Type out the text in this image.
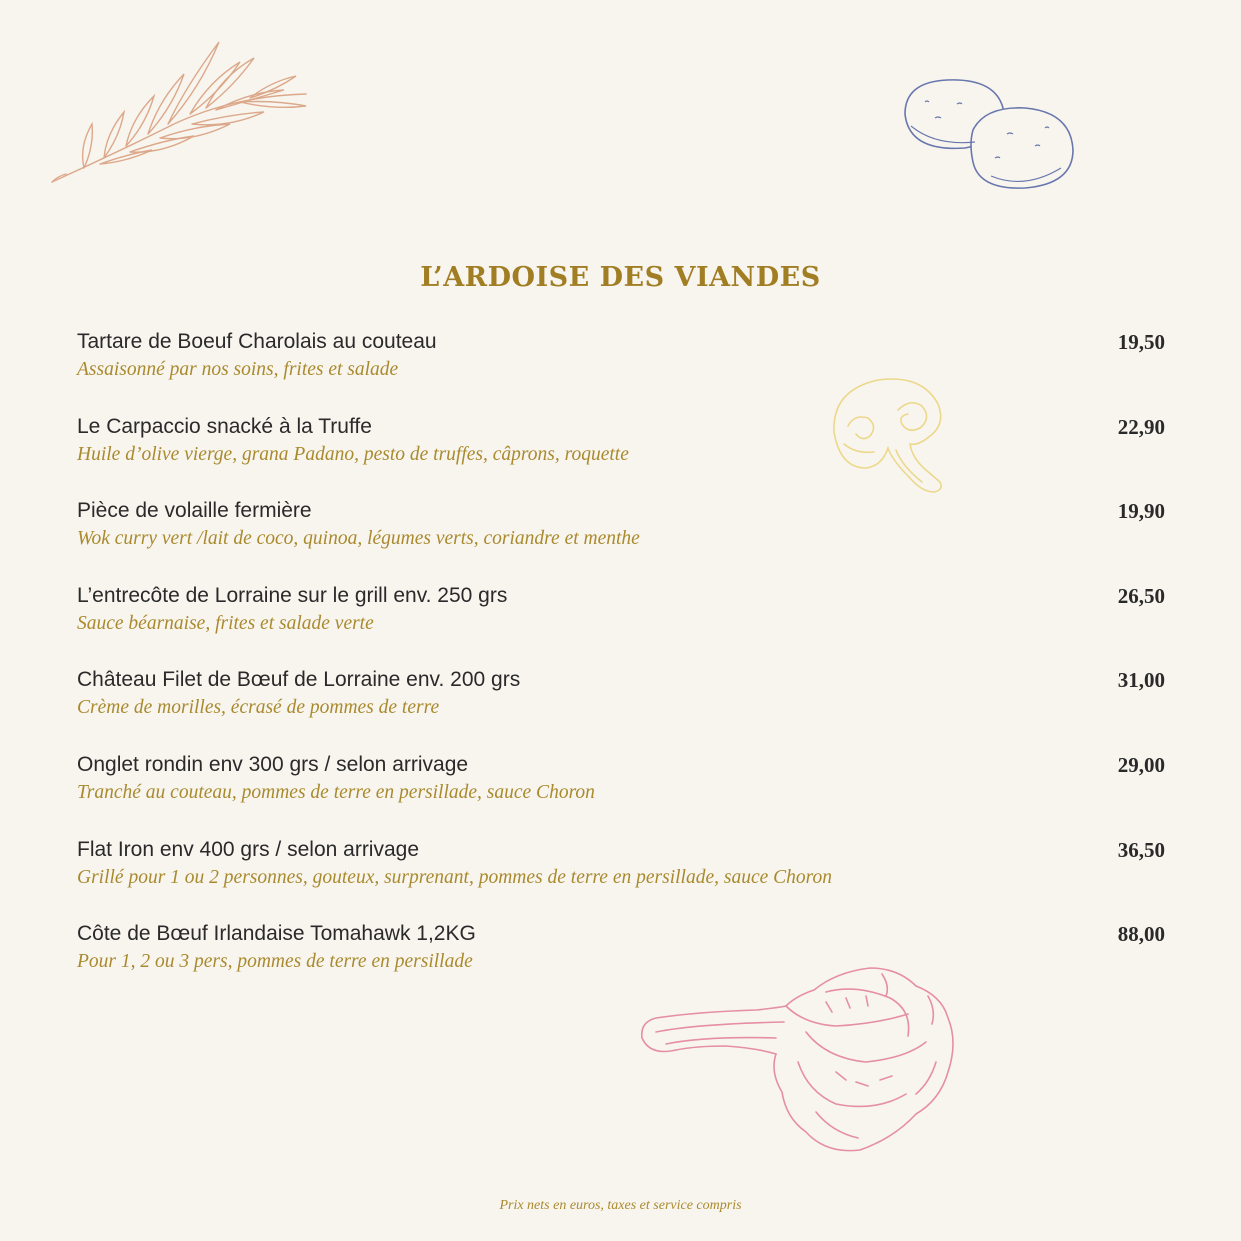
L’ARDOISE DES VIANDES
Tartare de Boeuf Charolais au couteau
Assaisonné par nos soins, frites et salade
19,50
Le Carpaccio snacké à la Truffe
Huile d’olive vierge, grana Padano, pesto de truffes, câprons, roquette
22,90
Pièce de volaille fermière
Wok curry vert /lait de coco, quinoa, légumes verts, coriandre et menthe
19,90
L’entrecôte de Lorraine sur le grill env. 250 grs
Sauce béarnaise, frites et salade verte
26,50
Château Filet de Bœuf de Lorraine env. 200 grs
Crème de morilles, écrasé de pommes de terre
31,00
Onglet rondin env 300 grs / selon arrivage
Tranché au couteau, pommes de terre en persillade, sauce Choron
29,00
Flat Iron env 400 grs / selon arrivage
Grillé pour 1 ou 2 personnes, gouteux, surprenant, pommes de terre en persillade, sauce Choron
36,50
Côte de Bœuf Irlandaise Tomahawk 1,2KG
Pour 1, 2 ou 3 pers, pommes de terre en persillade
88,00
Prix nets en euros, taxes et service compris
